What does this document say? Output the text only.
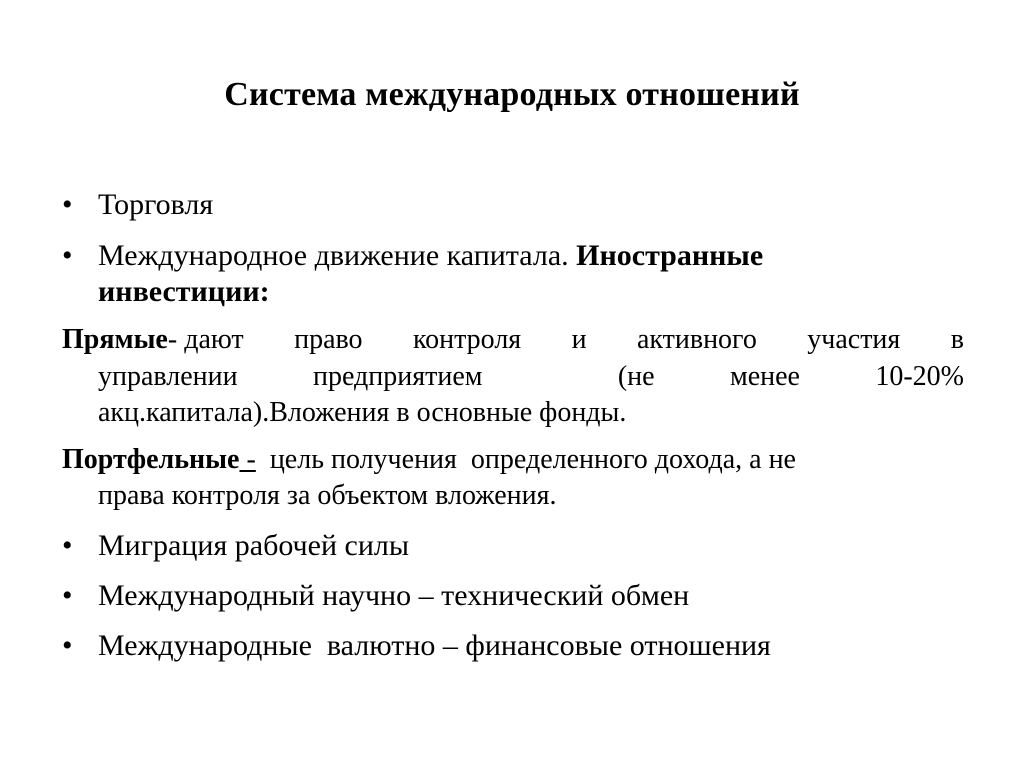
Система международных отношений
• Торговля
• Международное движение капитала. Иностранные
инвестиции:
Прямые- дают право контроля и активного участия в
управлении	предприятием	(не	менее	10-20%
акц.капитала).Вложения в основные фонды.
Портфельные -  цель получения  определенного дохода, а не
права контроля за объектом вложения.
• Миграция рабочей силы
• Международный научно – технический обмен
• Международные  валютно – финансовые отношения
